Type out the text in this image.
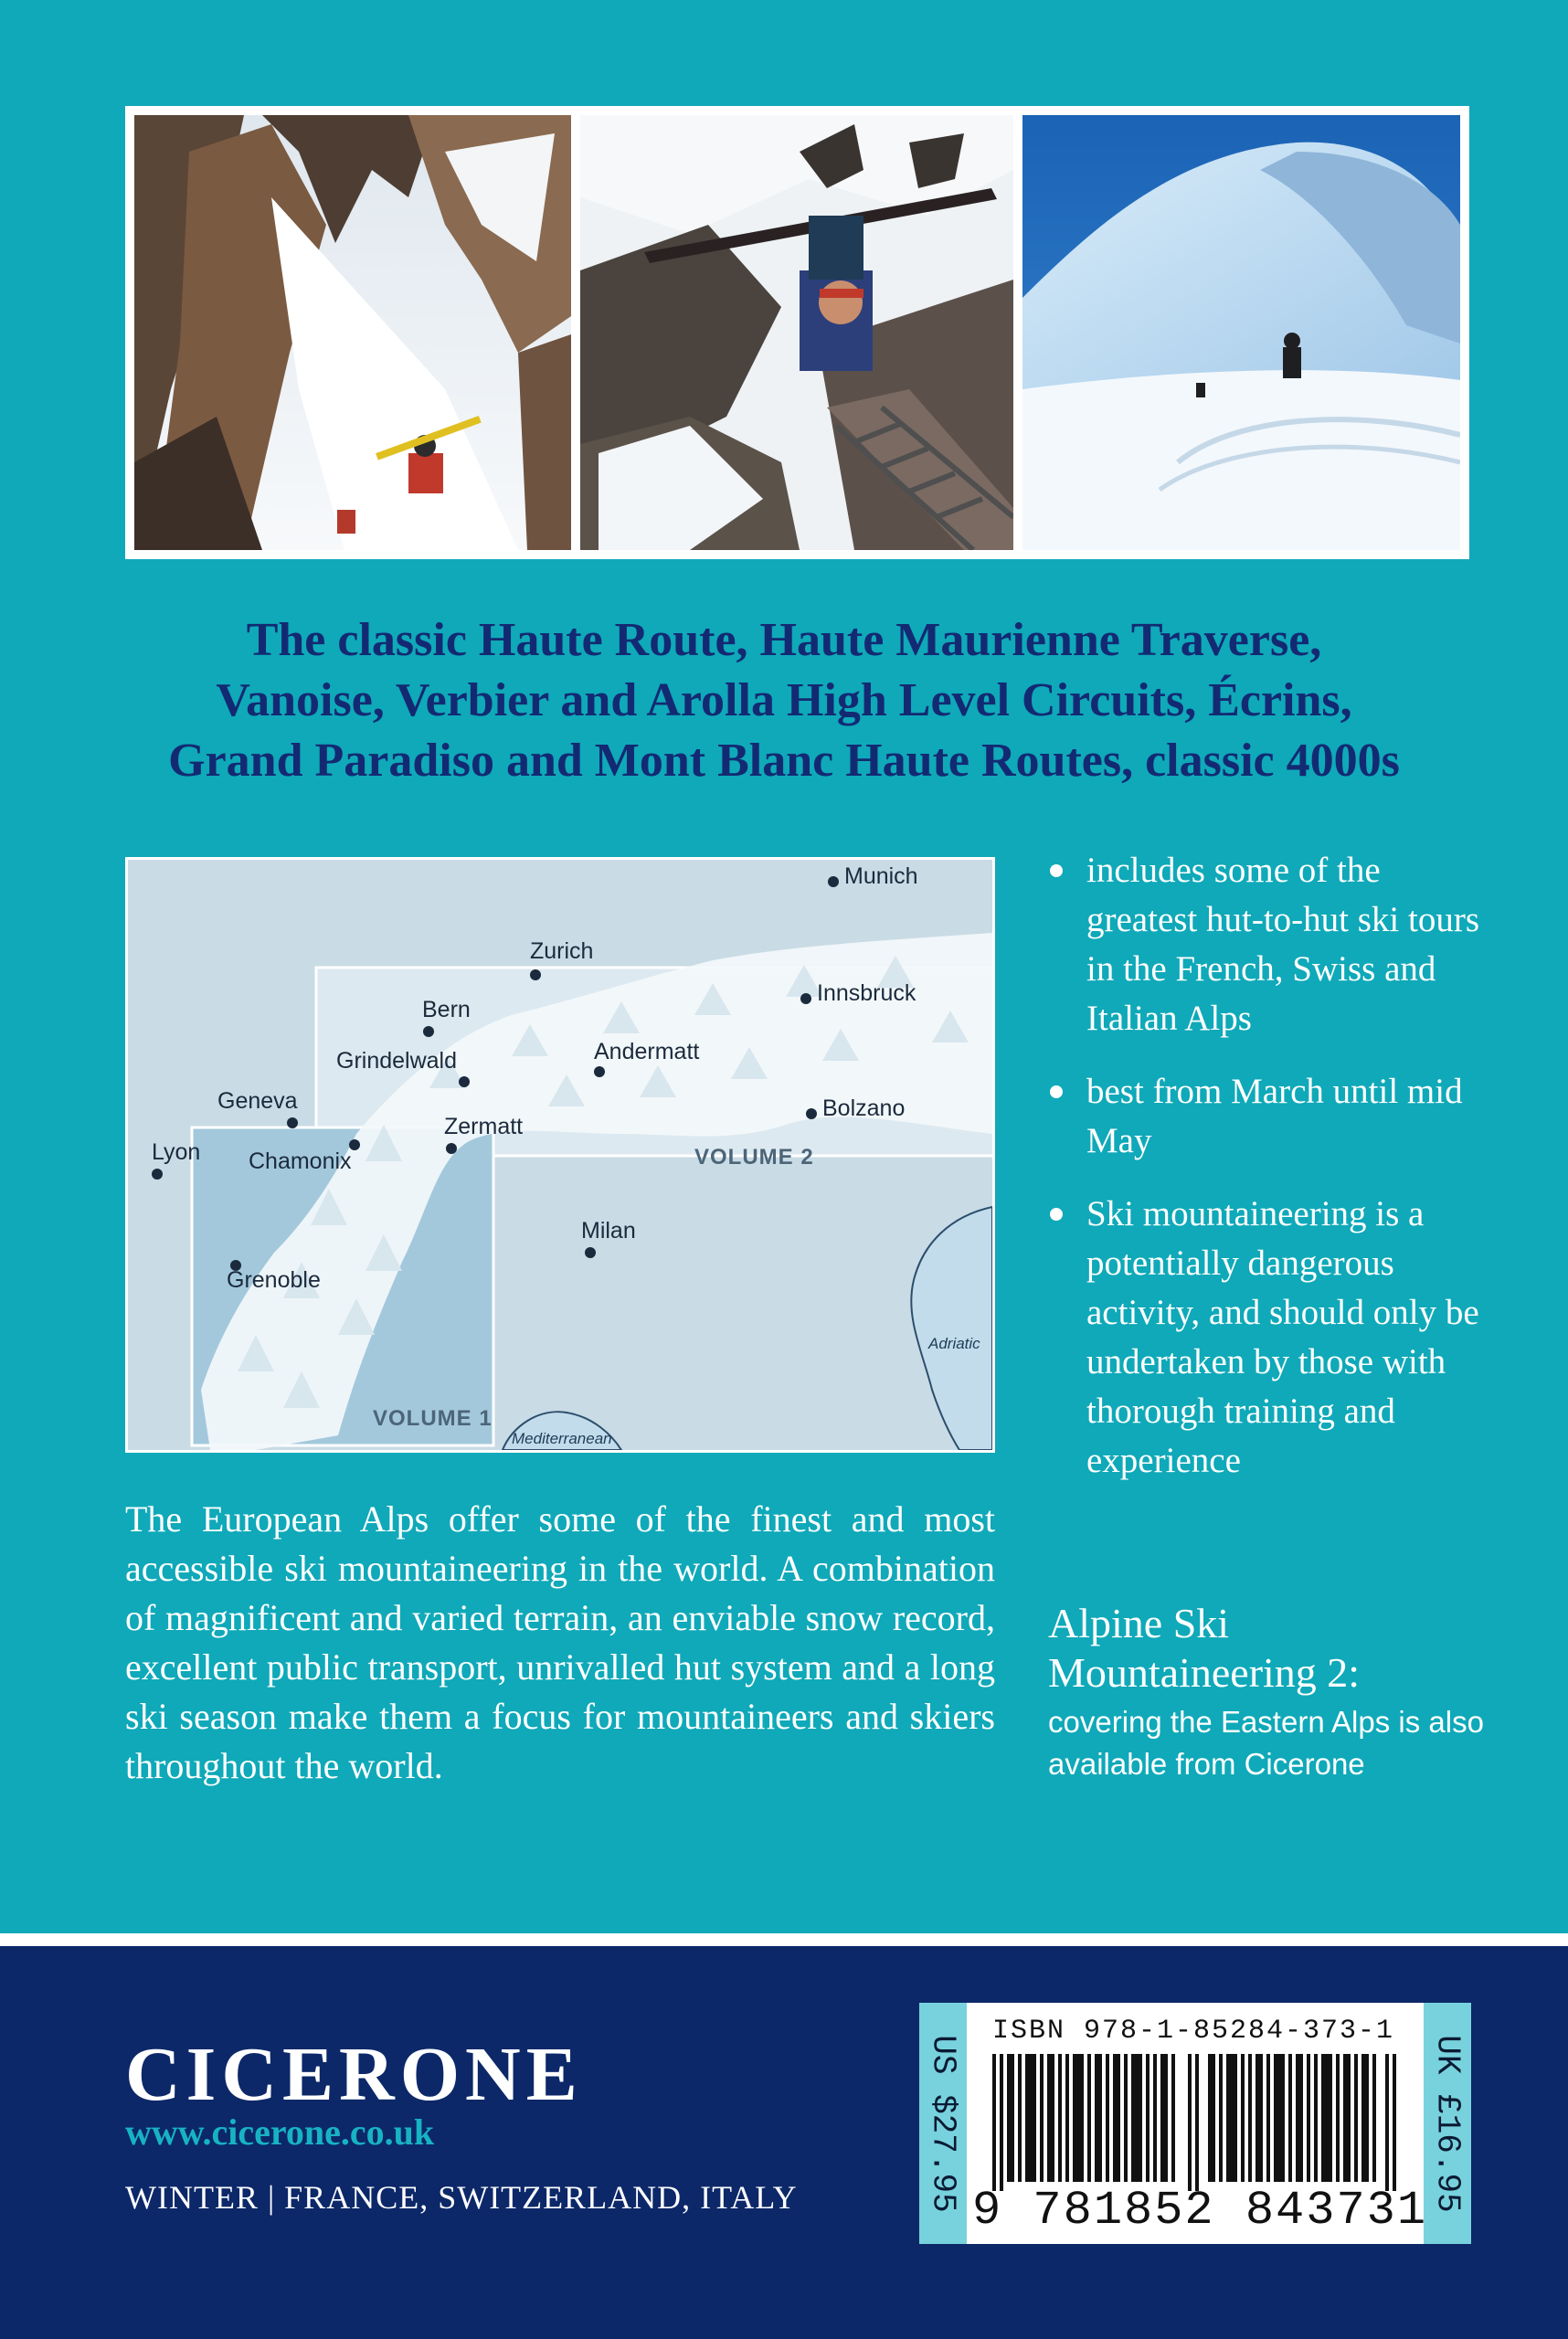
The classic Haute Route, Haute Maurienne Traverse,
Vanoise, Verbier and Arolla High Level Circuits, Écrins,
Grand Paradiso and Mont Blanc Haute Routes, classic 4000s
Munich
Zurich
Innsbruck
Bern
Andermatt
Grindelwald
Geneva	Bolzano
Lyon Chamonix
Zermatt
Milan
Grenoble
VOLUME 2
VOLUME 1
Adriatic
Mediterranean
includes some of the greatest hut-to-hut ski tours in the French, Swiss and Italian Alps
best from March until mid May
Ski mountaineering is a potentially dangerous activity, and should only be undertaken by those with thorough training and experience
Alpine Ski Mountaineering 2:
covering the Eastern Alps is also available from Cicerone
The European Alps offer some of the finest and most accessible ski mountaineering in the world. A combination of magnificent and varied terrain, an enviable snow record, excellent public transport, unrivalled hut system and a long ski season make them a focus for mountaineers and skiers throughout the world.
CICERONE
www.cicerone.co.uk
WINTER | FRANCE, SWITZERLAND, ITALY	US $27.95	UK £16.95
ISBN 978-1-85284-373-1
9 781852 843731
